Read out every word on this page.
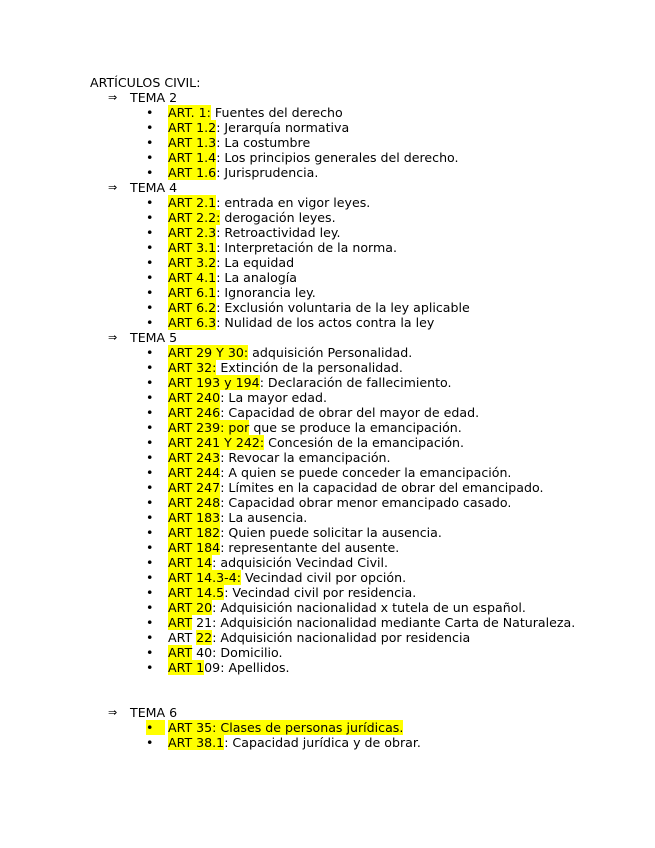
ARTÍCULOS CIVIL:
⇒ TEMA 2
• ART. 1: Fuentes del derecho
• ART 1.2: Jerarquía normativa
• ART 1.3: La costumbre
• ART 1.4: Los principios generales del derecho.
• ART 1.6: Jurisprudencia.
⇒ TEMA 4
• ART 2.1: entrada en vigor leyes.
• ART 2.2: derogación leyes.
• ART 2.3: Retroactividad ley.
• ART 3.1: Interpretación de la norma.
• ART 3.2: La equidad
• ART 4.1: La analogía
• ART 6.1: Ignorancia ley.
• ART 6.2: Exclusión voluntaria de la ley aplicable
• ART 6.3: Nulidad de los actos contra la ley
⇒ TEMA 5
• ART 29 Y 30: adquisición Personalidad.
• ART 32: Extinción de la personalidad.
• ART 193 y 194: Declaración de fallecimiento.
• ART 240: La mayor edad.
• ART 246: Capacidad de obrar del mayor de edad.
• ART 239: por que se produce la emancipación.
• ART 241 Y 242: Concesión de la emancipación.
• ART 243: Revocar la emancipación.
• ART 244: A quien se puede conceder la emancipación.
• ART 247: Límites en la capacidad de obrar del emancipado.
• ART 248: Capacidad obrar menor emancipado casado.
• ART 183: La ausencia.
• ART 182: Quien puede solicitar la ausencia.
• ART 184: representante del ausente.
• ART 14: adquisición Vecindad Civil.
• ART 14.3-4: Vecindad civil por opción.
• ART 14.5: Vecindad civil por residencia.
• ART 20: Adquisición nacionalidad x tutela de un español.
• ART 21: Adquisición nacionalidad mediante Carta de Naturaleza.
• ART 22: Adquisición nacionalidad por residencia
• ART 40: Domicilio.
• ART 109: Apellidos.
⇒ TEMA 6
•	ART 35: Clases de personas jurídicas.
• ART 38.1: Capacidad jurídica y de obrar.
